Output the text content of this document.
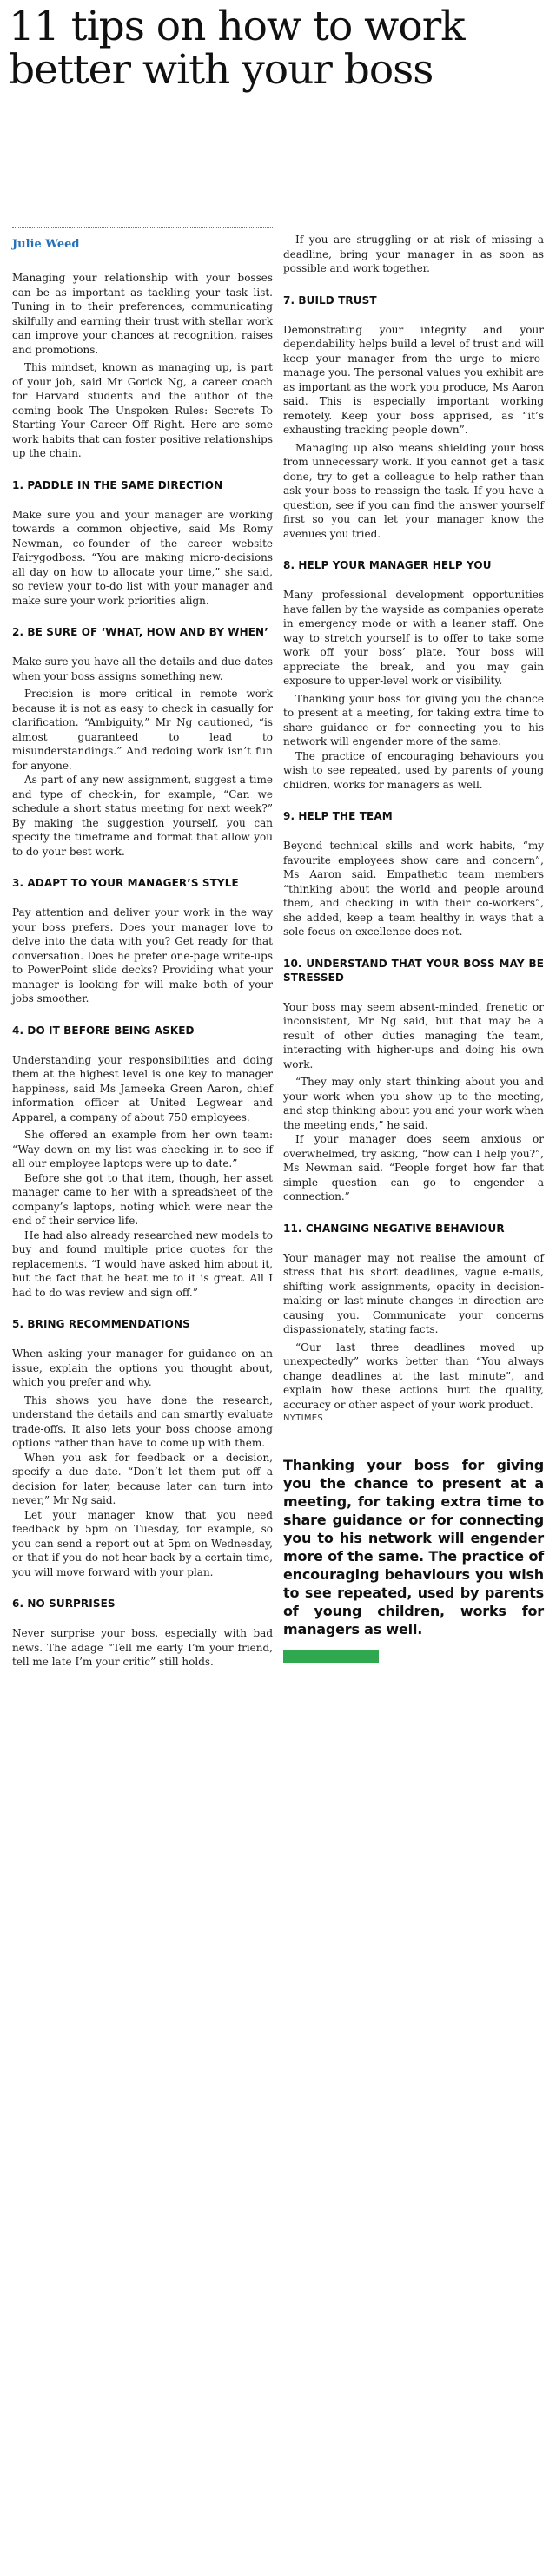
11 tips on how to work better with your boss

Julie Weed

Managing your relationship with your bosses can be as important as tackling your task list. Tuning in to their preferences, communicating skilfully and earning their trust with stellar work can improve your chances at recognition, raises and promotions.

This mindset, known as managing up, is part of your job, said Mr Gorick Ng, a career coach for Harvard students and the author of the coming book The Unspoken Rules: Secrets To Starting Your Career Off Right. Here are some work habits that can foster positive relationships up the chain.

1. PADDLE IN THE SAME DIRECTION

Make sure you and your manager are working towards a common objective, said Ms Romy Newman, co-founder of the career website Fairygodboss. “You are making micro-decisions all day on how to allocate your time,” she said, so review your to-do list with your manager and make sure your work priorities align.

2. BE SURE OF ‘WHAT, HOW AND BY WHEN’

Make sure you have all the details and due dates when your boss assigns something new.

Precision is more critical in remote work because it is not as easy to check in casually for clarification. “Ambiguity,” Mr Ng cautioned, “is almost guaranteed to lead to misunderstandings.” And redoing work isn’t fun for anyone.

As part of any new assignment, suggest a time and type of check-in, for example, “Can we schedule a short status meeting for next week?” By making the suggestion yourself, you can specify the timeframe and format that allow you to do your best work.

3. ADAPT TO YOUR MANAGER’S STYLE

Pay attention and deliver your work in the way your boss prefers. Does your manager love to delve into the data with you? Get ready for that conversation. Does he prefer one-page write-ups to PowerPoint slide decks? Providing what your manager is looking for will make both of your jobs smoother.

4. DO IT BEFORE BEING ASKED

Understanding your responsibilities and doing them at the highest level is one key to manager happiness, said Ms Jameeka Green Aaron, chief information officer at United Legwear and Apparel, a company of about 750 employees.

She offered an example from her own team: “Way down on my list was checking in to see if all our employee laptops were up to date.”

Before she got to that item, though, her asset manager came to her with a spreadsheet of the company’s laptops, noting which were near the end of their service life.

He had also already researched new models to buy and found multiple price quotes for the replacements. “I would have asked him about it, but the fact that he beat me to it is great. All I had to do was review and sign off.”

5. BRING RECOMMENDATIONS

When asking your manager for guidance on an issue, explain the options you thought about, which you prefer and why.

This shows you have done the research, understand the details and can smartly evaluate trade-offs. It also lets your boss choose among options rather than have to come up with them.

When you ask for feedback or a decision, specify a due date. “Don’t let them put off a decision for later, because later can turn into never,” Mr Ng said.

Let your manager know that you need feedback by 5pm on Tuesday, for example, so you can send a report out at 5pm on Wednesday, or that if you do not hear back by a certain time, you will move forward with your plan.

6. NO SURPRISES

Never surprise your boss, especially with bad news. The adage “Tell me early I’m your friend, tell me late I’m your critic” still holds.

If you are struggling or at risk of missing a deadline, bring your manager in as soon as possible and work together.

7. BUILD TRUST

Demonstrating your integrity and your dependability helps build a level of trust and will keep your manager from the urge to micro-manage you. The personal values you exhibit are as important as the work you produce, Ms Aaron said. This is especially important working remotely. Keep your boss apprised, as “it’s exhausting tracking people down”.

Managing up also means shielding your boss from unnecessary work. If you cannot get a task done, try to get a colleague to help rather than ask your boss to reassign the task. If you have a question, see if you can find the answer yourself first so you can let your manager know the avenues you tried.

8. HELP YOUR MANAGER HELP YOU

Many professional development opportunities have fallen by the wayside as companies operate in emergency mode or with a leaner staff. One way to stretch yourself is to offer to take some work off your boss’ plate. Your boss will appreciate the break, and you may gain exposure to upper-level work or visibility.

Thanking your boss for giving you the chance to present at a meeting, for taking extra time to share guidance or for connecting you to his network will engender more of the same.

The practice of encouraging behaviours you wish to see repeated, used by parents of young children, works for managers as well.

9. HELP THE TEAM

Beyond technical skills and work habits, “my favourite employees show care and concern”, Ms Aaron said. Empathetic team members “thinking about the world and people around them, and checking in with their co-workers”, she added, keep a team healthy in ways that a sole focus on excellence does not.

10. UNDERSTAND THAT YOUR BOSS MAY BE STRESSED

Your boss may seem absent-minded, frenetic or inconsistent, Mr Ng said, but that may be a result of other duties managing the team, interacting with higher-ups and doing his own work.

“They may only start thinking about you and your work when you show up to the meeting, and stop thinking about you and your work when the meeting ends,” he said.

If your manager does seem anxious or overwhelmed, try asking, “how can I help you?”, Ms Newman said. “People forget how far that simple question can go to engender a connection.”

11. CHANGING NEGATIVE BEHAVIOUR

Your manager may not realise the amount of stress that his short deadlines, vague e-mails, shifting work assignments, opacity in decision-making or last-minute changes in direction are causing you. Communicate your concerns dispassionately, stating facts.

“Our last three deadlines moved up unexpectedly” works better than “You always change deadlines at the last minute”, and explain how these actions hurt the quality, accuracy or other aspect of your work product.

NYTIMES

Thanking your boss for giving you the chance to present at a meeting, for taking extra time to share guidance or for connecting you to his network will engender more of the same. The practice of encouraging behaviours you wish to see repeated, used by parents of young children, works for managers as well.
